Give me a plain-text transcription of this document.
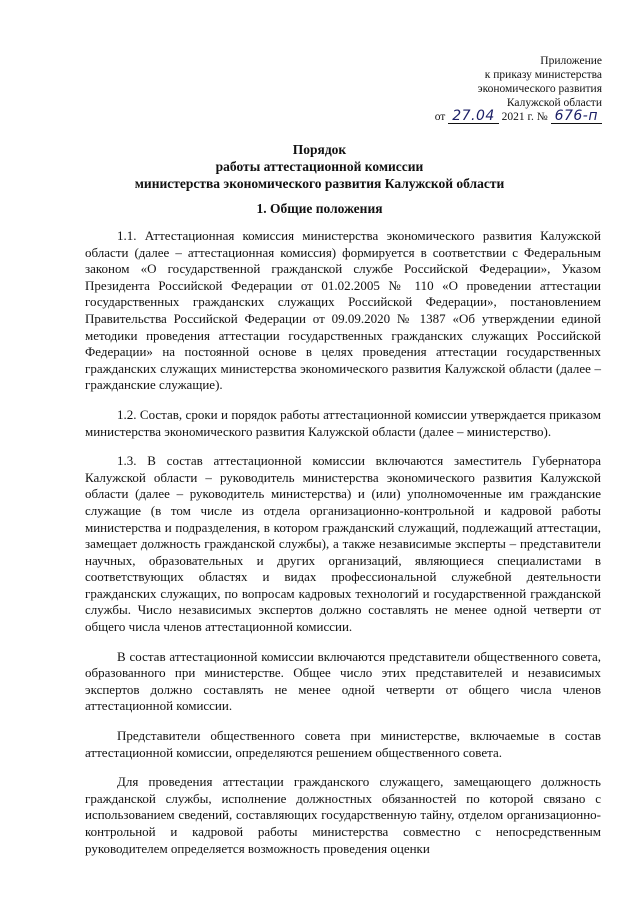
Приложение
к приказу министерства
экономического развития
Калужской области
от 27.04 2021 г. № 676-п
Порядок
работы аттестационной комиссии
министерства экономического развития Калужской области
1. Общие положения

1.1. Аттестационная комиссия министерства экономического развития Калужской области (далее – аттестационная комиссия) формируется в соответствии с Федеральным законом «О государственной гражданской службе Российской Федерации», Указом Президента Российской Федерации от 01.02.2005 № 110 «О проведении аттестации государственных гражданских служащих Российской Федерации», постановлением Правительства Российской Федерации от 09.09.2020 № 1387 «Об утверждении единой методики проведения аттестации государственных гражданских служащих Российской Федерации» на постоянной основе в целях проведения аттестации государственных гражданских служащих министерства экономического развития Калужской области (далее – гражданские служащие).

1.2. Состав, сроки и порядок работы аттестационной комиссии утверждается приказом министерства экономического развития Калужской области (далее – министерство).

1.3. В состав аттестационной комиссии включаются заместитель Губернатора Калужской области – руководитель министерства экономического развития Калужской области (далее – руководитель министерства) и (или) уполномоченные им гражданские служащие (в том числе из отдела организационно-контрольной и кадровой работы министерства и подразделения, в котором гражданский служащий, подлежащий аттестации, замещает должность гражданской службы), а также независимые эксперты – представители научных, образовательных и других организаций, являющиеся специалистами в соответствующих областях и видах профессиональной служебной деятельности гражданских служащих, по вопросам кадровых технологий и государственной гражданской службы. Число независимых экспертов должно составлять не менее одной четверти от общего числа членов аттестационной комиссии.

В состав аттестационной комиссии включаются представители общественного совета, образованного при министерстве. Общее число этих представителей и независимых экспертов должно составлять не менее одной четверти от общего числа членов аттестационной комиссии.

Представители общественного совета при министерстве, включаемые в состав аттестационной комиссии, определяются решением общественного совета.

Для проведения аттестации гражданского служащего, замещающего должность гражданской службы, исполнение должностных обязанностей по которой связано с использованием сведений, составляющих государственную тайну, отделом организационно-контрольной и кадровой работы министерства совместно с непосредственным руководителем определяется возможность проведения оценки
